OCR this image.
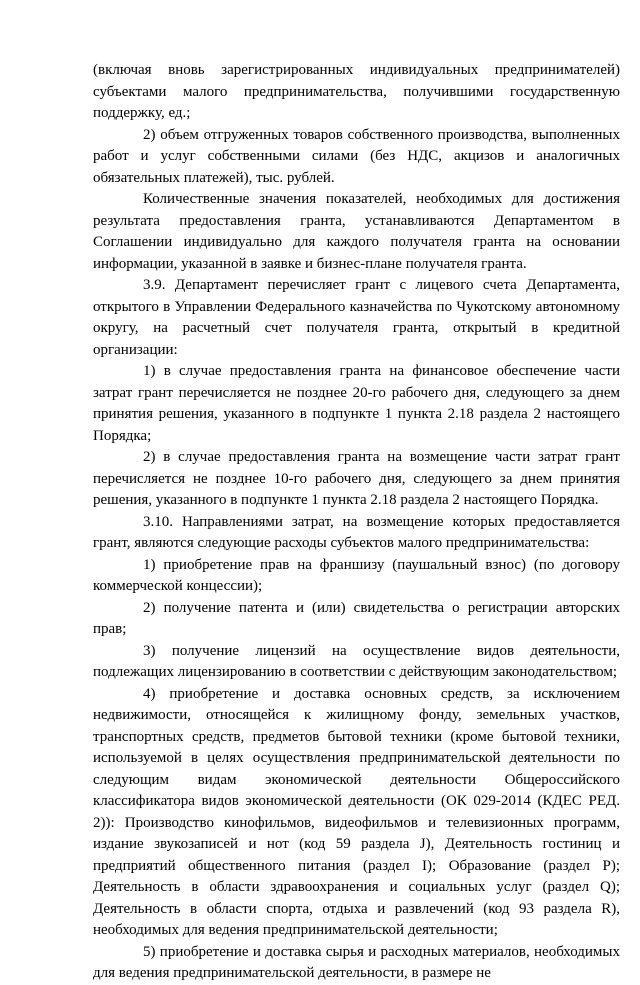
(включая вновь зарегистрированных индивидуальных предпринимателей) субъектами малого предпринимательства, получившими государственную поддержку, ед.;

2) объем отгруженных товаров собственного производства, выполненных работ и услуг собственными силами (без НДС, акцизов и аналогичных обязательных платежей), тыс. рублей.

Количественные значения показателей, необходимых для достижения результата предоставления гранта, устанавливаются Департаментом в Соглашении индивидуально для каждого получателя гранта на основании информации, указанной в заявке и бизнес-плане получателя гранта.

3.9. Департамент перечисляет грант с лицевого счета Департамента, открытого в Управлении Федерального казначейства по Чукотскому автономному округу, на расчетный счет получателя гранта, открытый в кредитной организации:

1) в случае предоставления гранта на финансовое обеспечение части затрат грант перечисляется не позднее 20-го рабочего дня, следующего за днем принятия решения, указанного в подпункте 1 пункта 2.18 раздела 2 настоящего Порядка;

2) в случае предоставления гранта на возмещение части затрат грант перечисляется не позднее 10-го рабочего дня, следующего за днем принятия решения, указанного в подпункте 1 пункта 2.18 раздела 2 настоящего Порядка.

3.10. Направлениями затрат, на возмещение которых предоставляется грант, являются следующие расходы субъектов малого предпринимательства:

1) приобретение прав на франшизу (паушальный взнос) (по договору коммерческой концессии);

2) получение патента и (или) свидетельства о регистрации авторских прав;

3) получение лицензий на осуществление видов деятельности, подлежащих лицензированию в соответствии с действующим законодательством;

4) приобретение и доставка основных средств, за исключением недвижимости, относящейся к жилищному фонду, земельных участков, транспортных средств, предметов бытовой техники (кроме бытовой техники, используемой в целях осуществления предпринимательской деятельности по следующим видам экономической деятельности Общероссийского классификатора видов экономической деятельности (ОК 029-2014 (КДЕС РЕД. 2)): Производство кинофильмов, видеофильмов и телевизионных программ, издание звукозаписей и нот (код 59 раздела J), Деятельность гостиниц и предприятий общественного питания (раздел I); Образование (раздел P); Деятельность в области здравоохранения и социальных услуг (раздел Q); Деятельность в области спорта, отдыха и развлечений (код 93 раздела R), необходимых для ведения предпринимательской деятельности;

5) приобретение и доставка сырья и расходных материалов, необходимых для ведения предпринимательской деятельности, в размере не
